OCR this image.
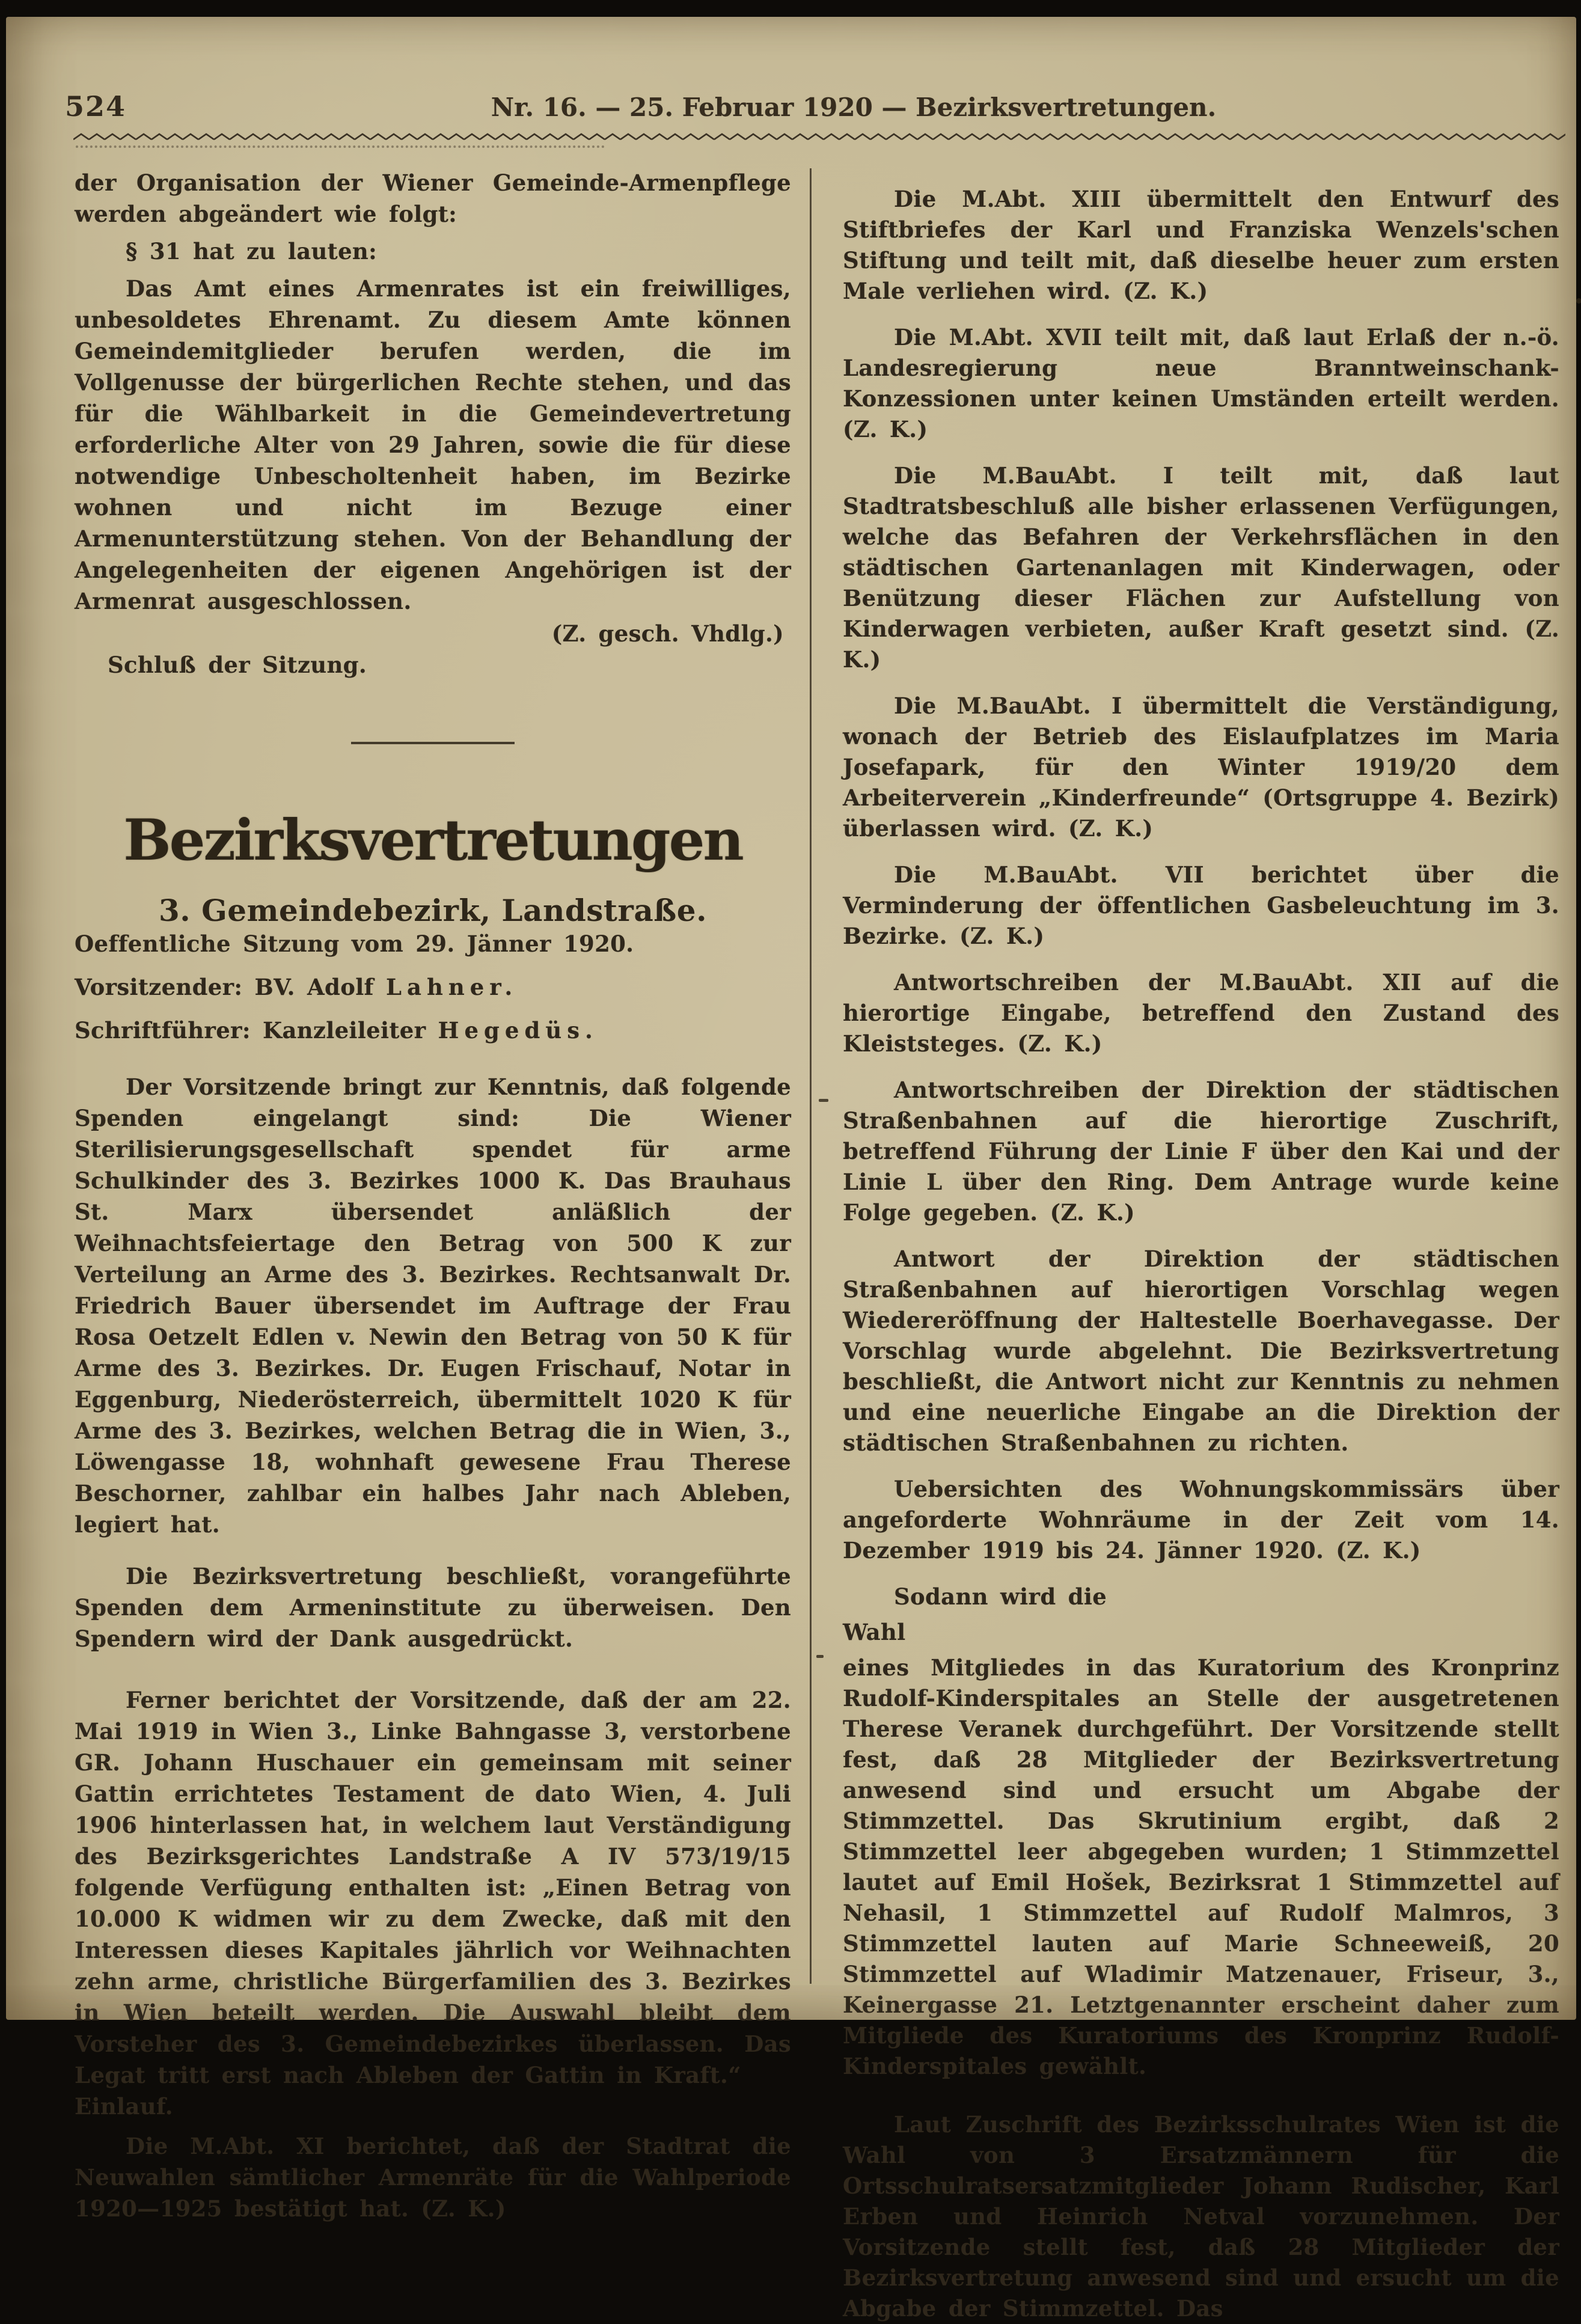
524	Nr. 16. — 25. Februar 1920 — Bezirksvertretungen.

der Organisation der Wiener Gemeinde-Armenpflege werden abgeändert wie folgt:

§ 31 hat zu lauten:

Das Amt eines Armenrates ist ein freiwilliges, unbesoldetes Ehrenamt. Zu diesem Amte können Gemeindemitglieder berufen werden, die im Vollgenusse der bürgerlichen Rechte stehen, und das für die Wählbarkeit in die Gemeindevertretung erforderliche Alter von 29 Jahren, sowie die für diese notwendige Unbescholtenheit haben, im Bezirke wohnen und nicht im Bezuge einer Armenunterstützung stehen. Von der Behandlung der Angelegenheiten der eigenen Angehörigen ist der Armenrat ausgeschlossen.

(Z. gesch. Vhdlg.)

Schluß der Sitzung.

Bezirksvertretungen
3. Gemeindebezirk, Landstraße.

Oeffentliche Sitzung vom 29. Jänner 1920.

Vorsitzender: BV. Adolf Lahner.

Schriftführer: Kanzleileiter Hegedüs.

Der Vorsitzende bringt zur Kenntnis, daß folgende Spenden eingelangt sind: Die Wiener Sterilisierungsgesellschaft spendet für arme Schulkinder des 3. Bezirkes 1000 K. Das Brauhaus St. Marx übersendet anläßlich der Weihnachtsfeiertage den Betrag von 500 K zur Verteilung an Arme des 3. Bezirkes. Rechtsanwalt Dr. Friedrich Bauer übersendet im Auftrage der Frau Rosa Oetzelt Edlen v. Newin den Betrag von 50 K für Arme des 3. Bezirkes. Dr. Eugen Frischauf, Notar in Eggenburg, Niederösterreich, übermittelt 1020 K für Arme des 3. Bezirkes, welchen Betrag die in Wien, 3., Löwengasse 18, wohnhaft gewesene Frau Therese Beschorner, zahlbar ein halbes Jahr nach Ableben, legiert hat.

Die Bezirksvertretung beschließt, vorangeführte Spenden dem Armeninstitute zu überweisen. Den Spendern wird der Dank ausgedrückt.

Ferner berichtet der Vorsitzende, daß der am 22. Mai 1919 in Wien 3., Linke Bahngasse 3, verstorbene GR. Johann Huschauer ein gemeinsam mit seiner Gattin errichtetes Testament de dato Wien, 4. Juli 1906 hinterlassen hat, in welchem laut Verständigung des Bezirksgerichtes Landstraße A IV 573/19/15 folgende Verfügung enthalten ist: „Einen Betrag von 10.000 K widmen wir zu dem Zwecke, daß mit den Interessen dieses Kapitales jährlich vor Weihnachten zehn arme, christliche Bürgerfamilien des 3. Bezirkes in Wien beteilt werden. Die Auswahl bleibt dem Vorsteher des 3. Gemeindebezirkes überlassen. Das Legat tritt erst nach Ableben der Gattin in Kraft.“

Einlauf.

Die M.Abt. XI berichtet, daß der Stadtrat die Neuwahlen sämtlicher Armenräte für die Wahlperiode 1920—1925 bestätigt hat. (Z. K.)

Die M.Abt. XIII übermittelt den Entwurf des Stiftbriefes der Karl und Franziska Wenzels'schen Stiftung und teilt mit, daß dieselbe heuer zum ersten Male verliehen wird. (Z. K.)

Die M.Abt. XVII teilt mit, daß laut Erlaß der n.-ö. Landesregierung neue Branntweinschank-Konzessionen unter keinen Umständen erteilt werden. (Z. K.)

Die M.BauAbt. I teilt mit, daß laut Stadtratsbeschluß alle bisher erlassenen Verfügungen, welche das Befahren der Verkehrsflächen in den städtischen Gartenanlagen mit Kinderwagen, oder Benützung dieser Flächen zur Aufstellung von Kinderwagen verbieten, außer Kraft gesetzt sind. (Z. K.)

Die M.BauAbt. I übermittelt die Verständigung, wonach der Betrieb des Eislaufplatzes im Maria Josefapark, für den Winter 1919/20 dem Arbeiterverein „Kinderfreunde“ (Ortsgruppe 4. Bezirk) überlassen wird. (Z. K.)

Die M.BauAbt. VII berichtet über die Verminderung der öffentlichen Gasbeleuchtung im 3. Bezirke. (Z. K.)

Antwortschreiben der M.BauAbt. XII auf die hierortige Eingabe, betreffend den Zustand des Kleiststeges. (Z. K.)

Antwortschreiben der Direktion der städtischen Straßenbahnen auf die hierortige Zuschrift, betreffend Führung der Linie F über den Kai und der Linie L über den Ring. Dem Antrage wurde keine Folge gegeben. (Z. K.)

Antwort der Direktion der städtischen Straßenbahnen auf hierortigen Vorschlag wegen Wiedereröffnung der Haltestelle Boerhavegasse. Der Vorschlag wurde abgelehnt. Die Bezirksvertretung beschließt, die Antwort nicht zur Kenntnis zu nehmen und eine neuerliche Eingabe an die Direktion der städtischen Straßenbahnen zu richten.

Uebersichten des Wohnungskommissärs über angeforderte Wohnräume in der Zeit vom 14. Dezember 1919 bis 24. Jänner 1920. (Z. K.)

Sodann wird die

Wahl

eines Mitgliedes in das Kuratorium des Kronprinz Rudolf-Kinderspitales an Stelle der ausgetretenen Therese Veranek durchgeführt. Der Vorsitzende stellt fest, daß 28 Mitglieder der Bezirksvertretung anwesend sind und ersucht um Abgabe der Stimmzettel. Das Skrutinium ergibt, daß 2 Stimmzettel leer abgegeben wurden; 1 Stimmzettel lautet auf Emil Hošek, Bezirksrat 1 Stimmzettel auf Nehasil, 1 Stimmzettel auf Rudolf Malmros, 3 Stimmzettel lauten auf Marie Schneeweiß, 20 Stimmzettel auf Wladimir Matzenauer, Friseur, 3., Keinergasse 21. Letztgenannter erscheint daher zum Mitgliede des Kuratoriums des Kronprinz Rudolf-Kinderspitales gewählt.

Laut Zuschrift des Bezirksschulrates Wien ist die Wahl von 3 Ersatzmännern für die Ortsschulratsersatzmitglieder Johann Rudischer, Karl Erben und Heinrich Netval vorzunehmen. Der Vorsitzende stellt fest, daß 28 Mitglieder der Bezirksvertretung anwesend sind und ersucht um die Abgabe der Stimmzettel. Das
